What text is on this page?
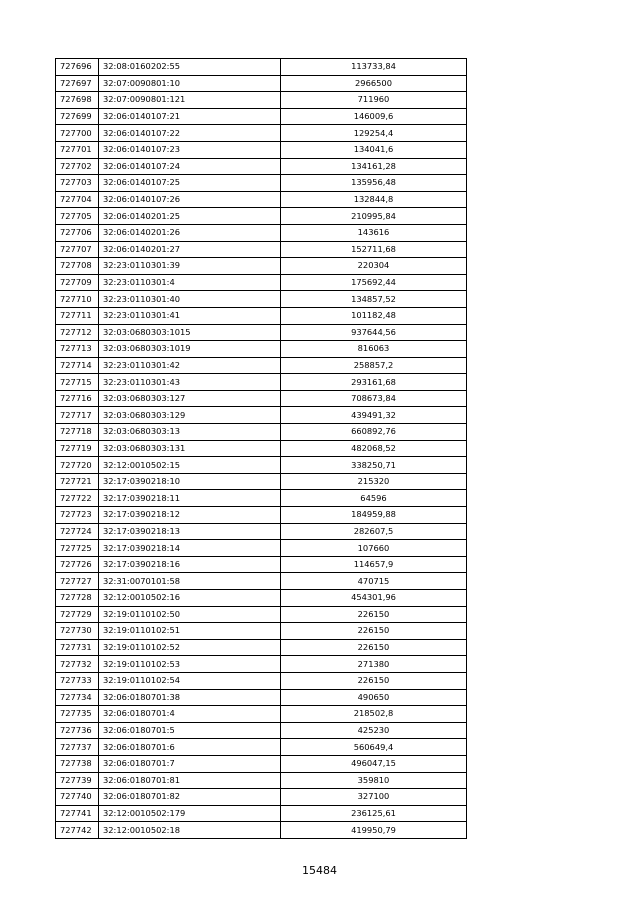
727696	32:08:0160202:55	113733,84
727697	32:07:0090801:10	2966500
727698	32:07:0090801:121	711960
727699	32:06:0140107:21	146009,6
727700	32:06:0140107:22	129254,4
727701	32:06:0140107:23	134041,6
727702	32:06:0140107:24	134161,28
727703	32:06:0140107:25	135956,48
727704	32:06:0140107:26	132844,8
727705	32:06:0140201:25	210995,84
727706	32:06:0140201:26	143616
727707	32:06:0140201:27	152711,68
727708	32:23:0110301:39	220304
727709	32:23:0110301:4	175692,44
727710	32:23:0110301:40	134857,52
727711	32:23:0110301:41	101182,48
727712	32:03:0680303:1015	937644,56
727713	32:03:0680303:1019	816063
727714	32:23:0110301:42	258857,2
727715	32:23:0110301:43	293161,68
727716	32:03:0680303:127	708673,84
727717	32:03:0680303:129	439491,32
727718	32:03:0680303:13	660892,76
727719	32:03:0680303:131	482068,52
727720	32:12:0010502:15	338250,71
727721	32:17:0390218:10	215320
727722	32:17:0390218:11	64596
727723	32:17:0390218:12	184959,88
727724	32:17:0390218:13	282607,5
727725	32:17:0390218:14	107660
727726	32:17:0390218:16	114657,9
727727	32:31:0070101:58	470715
727728	32:12:0010502:16	454301,96
727729	32:19:0110102:50	226150
727730	32:19:0110102:51	226150
727731	32:19:0110102:52	226150
727732	32:19:0110102:53	271380
727733	32:19:0110102:54	226150
727734	32:06:0180701:38	490650
727735	32:06:0180701:4	218502,8
727736	32:06:0180701:5	425230
727737	32:06:0180701:6	560649,4
727738	32:06:0180701:7	496047,15
727739	32:06:0180701:81	359810
727740	32:06:0180701:82	327100
727741	32:12:0010502:179	236125,61
727742	32:12:0010502:18	419950,79
15484
